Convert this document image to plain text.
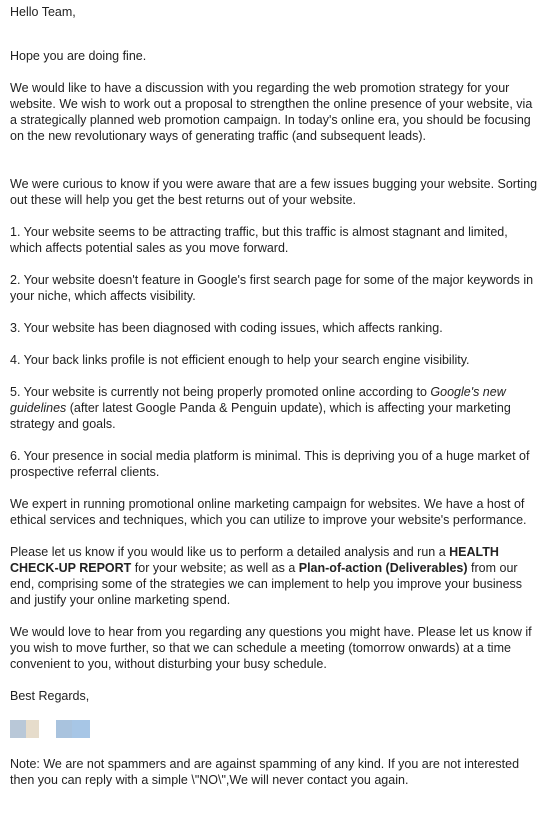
Hello Team,

Hope you are doing fine.

We would like to have a discussion with you regarding the web promotion strategy for your website. We wish to work out a proposal to strengthen the online presence of your website, via a strategically planned web promotion campaign. In today's online era, you should be focusing on the new revolutionary ways of generating traffic (and subsequent leads).

We were curious to know if you were aware that are a few issues bugging your website. Sorting out these will help you get the best returns out of your website.

1. Your website seems to be attracting traffic, but this traffic is almost stagnant and limited, which affects potential sales as you move forward.

2. Your website doesn't feature in Google's first search page for some of the major keywords in your niche, which affects visibility.

3. Your website has been diagnosed with coding issues, which affects ranking.

4. Your back links profile is not efficient enough to help your search engine visibility.

5. Your website is currently not being properly promoted online according to Google's new guidelines (after latest Google Panda & Penguin update), which is affecting your marketing strategy and goals.

6. Your presence in social media platform is minimal. This is depriving you of a huge market of prospective referral clients.

We expert in running promotional online marketing campaign for websites. We have a host of ethical services and techniques, which you can utilize to improve your website's performance.

Please let us know if you would like us to perform a detailed analysis and run a HEALTH CHECK-UP REPORT for your website; as well as a Plan-of-action (Deliverables) from our end, comprising some of the strategies we can implement to help you improve your business and justify your online marketing spend.

We would love to hear from you regarding any questions you might have. Please let us know if you wish to move further, so that we can schedule a meeting (tomorrow onwards) at a time convenient to you, without disturbing your busy schedule.

Best Regards,

Note: We are not spammers and are against spamming of any kind. If you are not interested then you can reply with a simple \"NO\",We will never contact you again.
